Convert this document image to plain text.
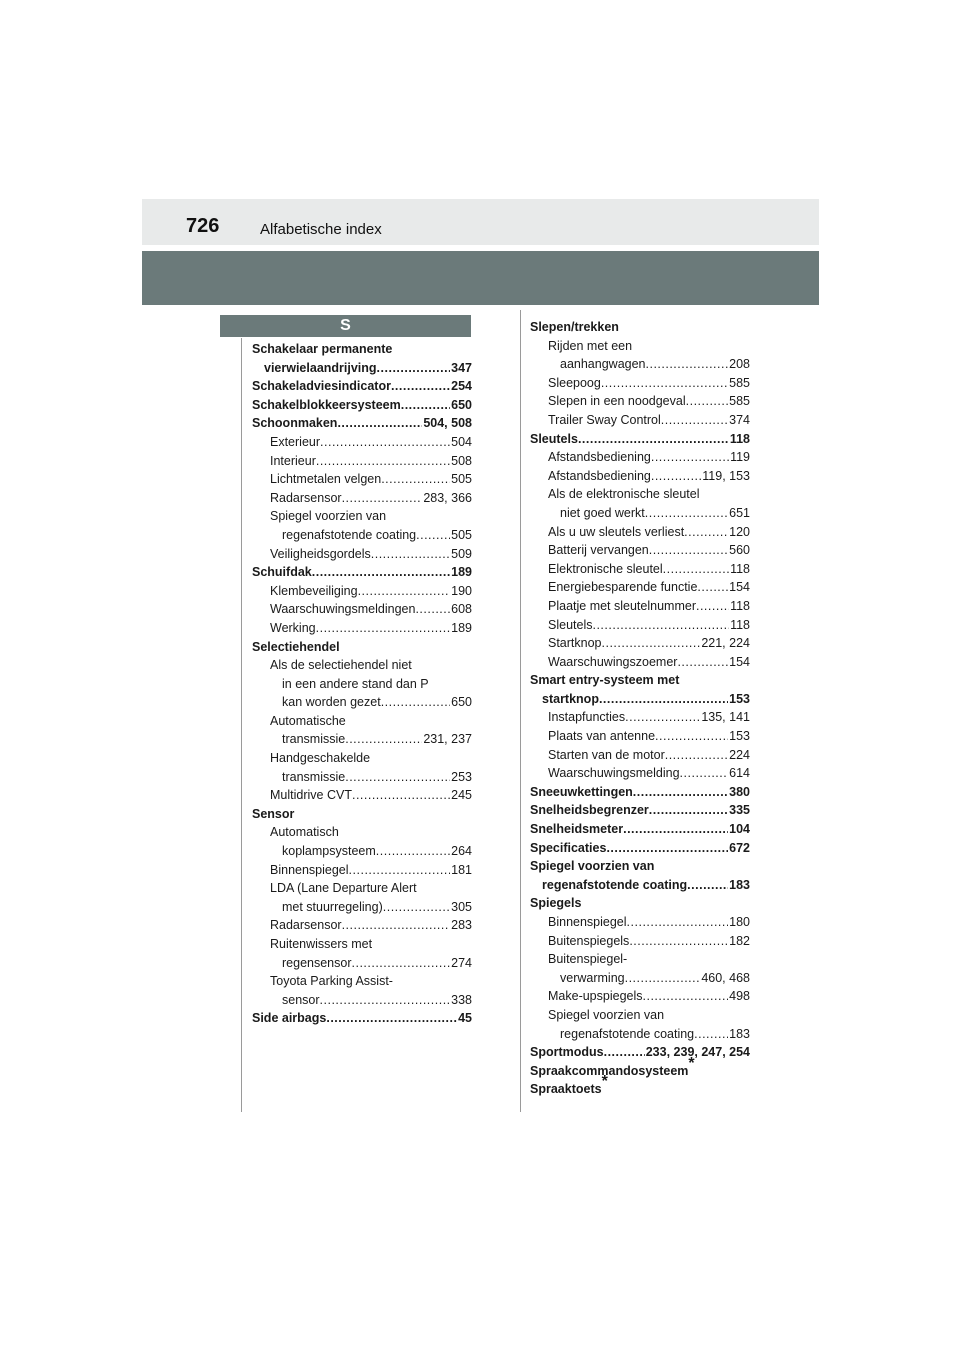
726	Alfabetische index
S
Schakelaar permanente
vierwielaandrijving .....	347
Schakeladviesindicator .....	254
Schakelblokkeersysteem .....	650
Schoonmaken .....	504, 508
Exterieur .....	504
Interieur .....	508
Lichtmetalen velgen .....	505
Radarsensor .....	283, 366
Spiegel voorzien van
regenafstotende coating .....	505
Veiligheidsgordels .....	509
Schuifdak .....	189
Klembeveiliging .....	190
Waarschuwingsmeldingen .....	608
Werking .....	189
Selectiehendel
Als de selectiehendel niet
in een andere stand dan P
kan worden gezet .....	650
Automatische
transmissie .....	231, 237
Handgeschakelde
transmissie .....	253
Multidrive CVT .....	245
Sensor
Automatisch
koplampsysteem .....	264
Binnenspiegel .....	181
LDA (Lane Departure Alert
met stuurregeling) .....	305
Radarsensor .....	283
Ruitenwissers met
regensensor .....	274
Toyota Parking Assist-
sensor .....	338
Side airbags .....	45
Slepen/trekken
Rijden met een
aanhangwagen .....	208
Sleepoog .....	585
Slepen in een noodgeval .....	585
Trailer Sway Control .....	374
Sleutels .....	118
Afstandsbediening .....	119
Afstandsbediening .....	119, 153
Als de elektronische sleutel
niet goed werkt .....	651
Als u uw sleutels verliest .....	120
Batterij vervangen .....	560
Elektronische sleutel .....	118
Energiebesparende functie .....	154
Plaatje met sleutelnummer .....	118
Sleutels .....	118
Startknop .....	221, 224
Waarschuwingszoemer .....	154
Smart entry-systeem met
startknop .....	153
Instapfuncties .....	135, 141
Plaats van antenne .....	153
Starten van de motor .....	224
Waarschuwingsmelding .....	614
Sneeuwkettingen .....	380
Snelheidsbegrenzer .....	335
Snelheidsmeter .....	104
Specificaties .....	672
Spiegel voorzien van
regenafstotende coating .....	183
Spiegels
Binnenspiegel .....	180
Buitenspiegels .....	182
Buitenspiegel-
verwarming .....	460, 468
Make-upspiegels .....	498
Spiegel voorzien van
regenafstotende coating .....	183
Sportmodus .....	233, 239, 247, 254
Spraakcommandosysteem*
Spraaktoets*
